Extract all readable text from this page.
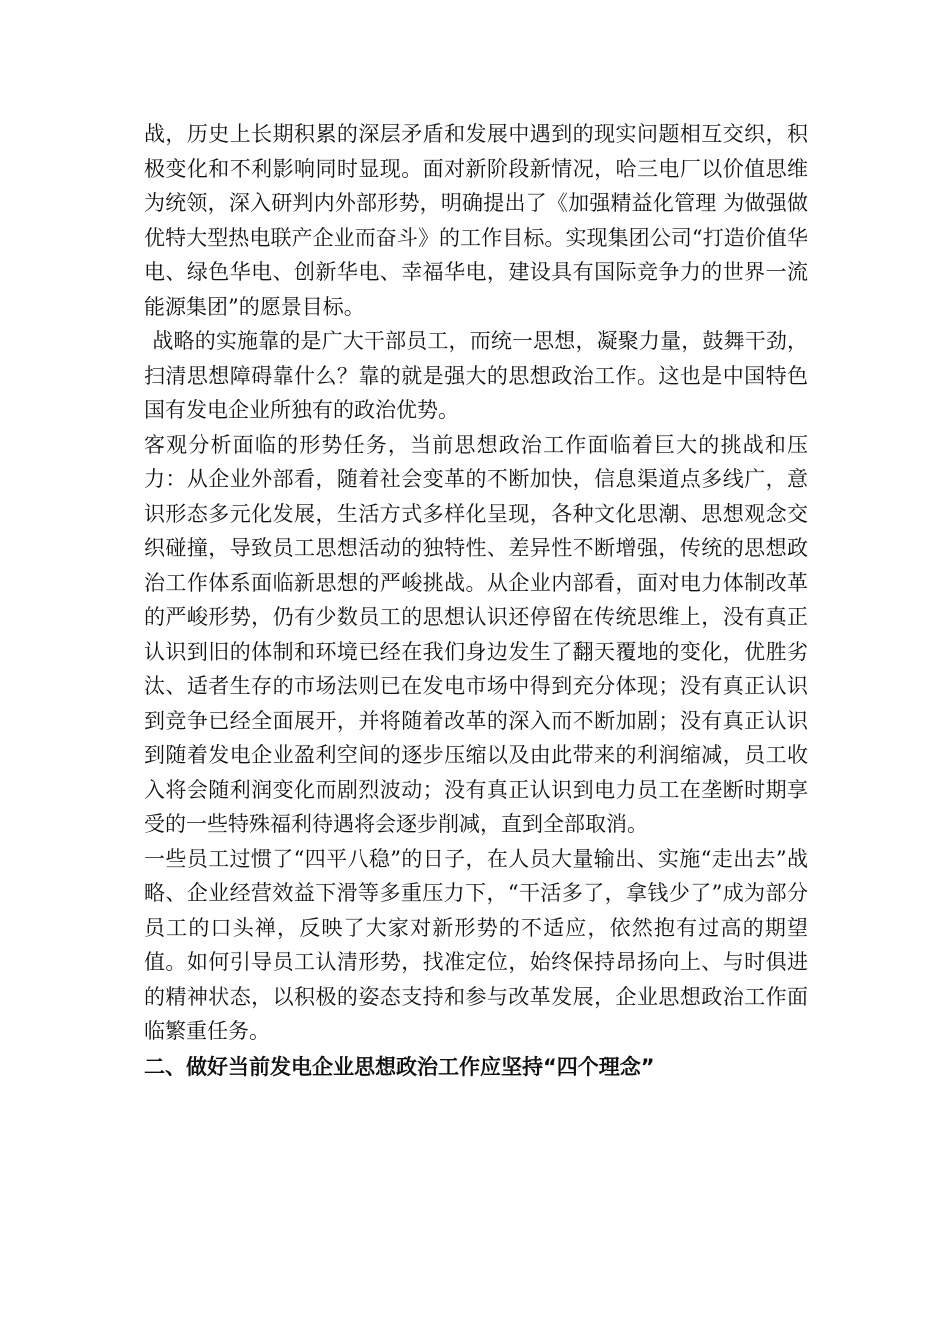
战，历史上长期积累的深层矛盾和发展中遇到的现实问题相互交织，积极变化和不利影响同时显现。面对新阶段新情况，哈三电厂以价值思维为统领，深入研判内外部形势，明确提出了《加强精益化管理 为做强做优特大型热电联产企业而奋斗》的工作目标。实现集团公司“打造价值华电、绿色华电、创新华电、幸福华电，建设具有国际竞争力的世界一流能源集团”的愿景目标。

战略的实施靠的是广大干部员工，而统一思想，凝聚力量，鼓舞干劲，扫清思想障碍靠什么？靠的就是强大的思想政治工作。这也是中国特色国有发电企业所独有的政治优势。

客观分析面临的形势任务，当前思想政治工作面临着巨大的挑战和压力：从企业外部看，随着社会变革的不断加快，信息渠道点多线广，意识形态多元化发展，生活方式多样化呈现，各种文化思潮、思想观念交织碰撞，导致员工思想活动的独特性、差异性不断增强，传统的思想政治工作体系面临新思想的严峻挑战。从企业内部看，面对电力体制改革的严峻形势，仍有少数员工的思想认识还停留在传统思维上，没有真正认识到旧的体制和环境已经在我们身边发生了翻天覆地的变化，优胜劣汰、适者生存的市场法则已在发电市场中得到充分体现；没有真正认识到竞争已经全面展开，并将随着改革的深入而不断加剧；没有真正认识到随着发电企业盈利空间的逐步压缩以及由此带来的利润缩减，员工收入将会随利润变化而剧烈波动；没有真正认识到电力员工在垄断时期享受的一些特殊福利待遇将会逐步削减，直到全部取消。

一些员工过惯了“四平八稳”的日子，在人员大量输出、实施“走出去”战略、企业经营效益下滑等多重压力下，“干活多了，拿钱少了”成为部分员工的口头禅，反映了大家对新形势的不适应，依然抱有过高的期望值。如何引导员工认清形势，找准定位，始终保持昂扬向上、与时俱进的精神状态，以积极的姿态支持和参与改革发展，企业思想政治工作面临繁重任务。

二、做好当前发电企业思想政治工作应坚持“四个理念”
